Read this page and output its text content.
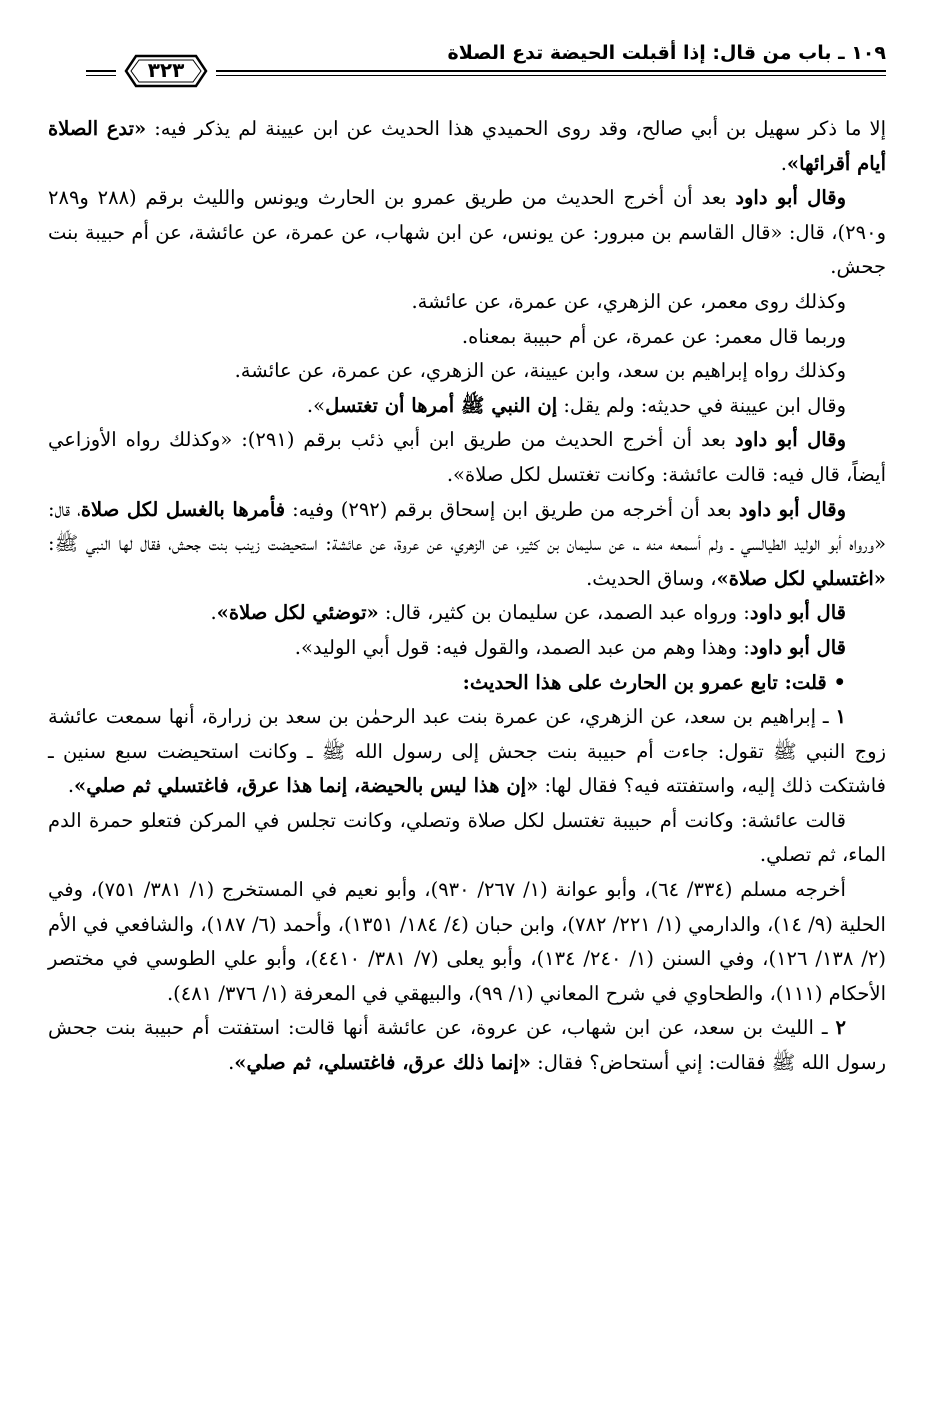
١٠٩ ـ باب من قال: إذا أقبلت الحيضة تدع الصلاة
٣٢٣

إلا ما ذكر سهيل بن أبي صالح، وقد روى الحميدي هذا الحديث عن ابن عيينة لم يذكر فيه: «تدع الصلاة أيام أقرائها».

وقال أبو داود بعد أن أخرج الحديث من طريق عمرو بن الحارث ويونس والليث برقم (٢٨٨ و٢٨٩ و٢٩٠)، قال: «قال القاسم بن مبرور: عن يونس، عن ابن شهاب، عن عمرة، عن عائشة، عن أم حبيبة بنت جحش.

وكذلك روى معمر، عن الزهري، عن عمرة، عن عائشة.

وربما قال معمر: عن عمرة، عن أم حبيبة بمعناه.

وكذلك رواه إبراهيم بن سعد، وابن عيينة، عن الزهري، عن عمرة، عن عائشة.

وقال ابن عيينة في حديثه: ولم يقل: إن النبي ﷺ أمرها أن تغتسل».

وقال أبو داود بعد أن أخرج الحديث من طريق ابن أبي ذئب برقم (٢٩١): «وكذلك رواه الأوزاعي أيضاً، قال فيه: قالت عائشة: وكانت تغتسل لكل صلاة».

وقال أبو داود بعد أن أخرجه من طريق ابن إسحاق برقم (٢٩٢) وفيه: فأمرها بالغسل لكل صلاة، قال: «ورواه أبو الوليد الطيالسي ـ ولم أسمعه منه ـ، عن سليمان بن كثير، عن الزهري، عن عروة، عن عائشة: استحيضت زينب بنت جحش، فقال لها النبي ﷺ: «اغتسلي لكل صلاة»، وساق الحديث.

قال أبو داود: ورواه عبد الصمد، عن سليمان بن كثير، قال: «توضئي لكل صلاة».

قال أبو داود: وهذا وهم من عبد الصمد، والقول فيه: قول أبي الوليد».

• قلت: تابع عمرو بن الحارث على هذا الحديث:

١ ـ إبراهيم بن سعد، عن الزهري، عن عمرة بنت عبد الرحمٰن بن سعد بن زرارة، أنها سمعت عائشة زوج النبي ﷺ تقول: جاءت أم حبيبة بنت جحش إلى رسول الله ﷺ ـ وكانت استحيضت سبع سنين ـ فاشتكت ذلك إليه، واستفتته فيه؟ فقال لها: «إن هذا ليس بالحيضة، إنما هذا عرق، فاغتسلي ثم صلي».

قالت عائشة: وكانت أم حبيبة تغتسل لكل صلاة وتصلي، وكانت تجلس في المركن فتعلو حمرة الدم الماء، ثم تصلي.

أخرجه مسلم (٣٣٤/ ٦٤)، وأبو عوانة (١/ ٢٦٧/ ٩٣٠)، وأبو نعيم في المستخرج (١/ ٣٨١/ ٧٥١)، وفي الحلية (٩/ ١٤)، والدارمي (١/ ٢٢١/ ٧٨٢)، وابن حبان (٤/ ١٨٤/ ١٣٥١)، وأحمد (٦/ ١٨٧)، والشافعي في الأم (٢/ ١٣٨/ ١٢٦)، وفي السنن (١/ ٢٤٠/ ١٣٤)، وأبو يعلى (٧/ ٣٨١/ ٤٤١٠)، وأبو علي الطوسي في مختصر الأحكام (١١١)، والطحاوي في شرح المعاني (١/ ٩٩)، والبيهقي في المعرفة (١/ ٣٧٦/ ٤٨١).

٢ ـ الليث بن سعد، عن ابن شهاب، عن عروة، عن عائشة أنها قالت: استفتت أم حبيبة بنت جحش رسول الله ﷺ فقالت: إني أستحاض؟ فقال: «إنما ذلك عرق، فاغتسلي، ثم صلي».
